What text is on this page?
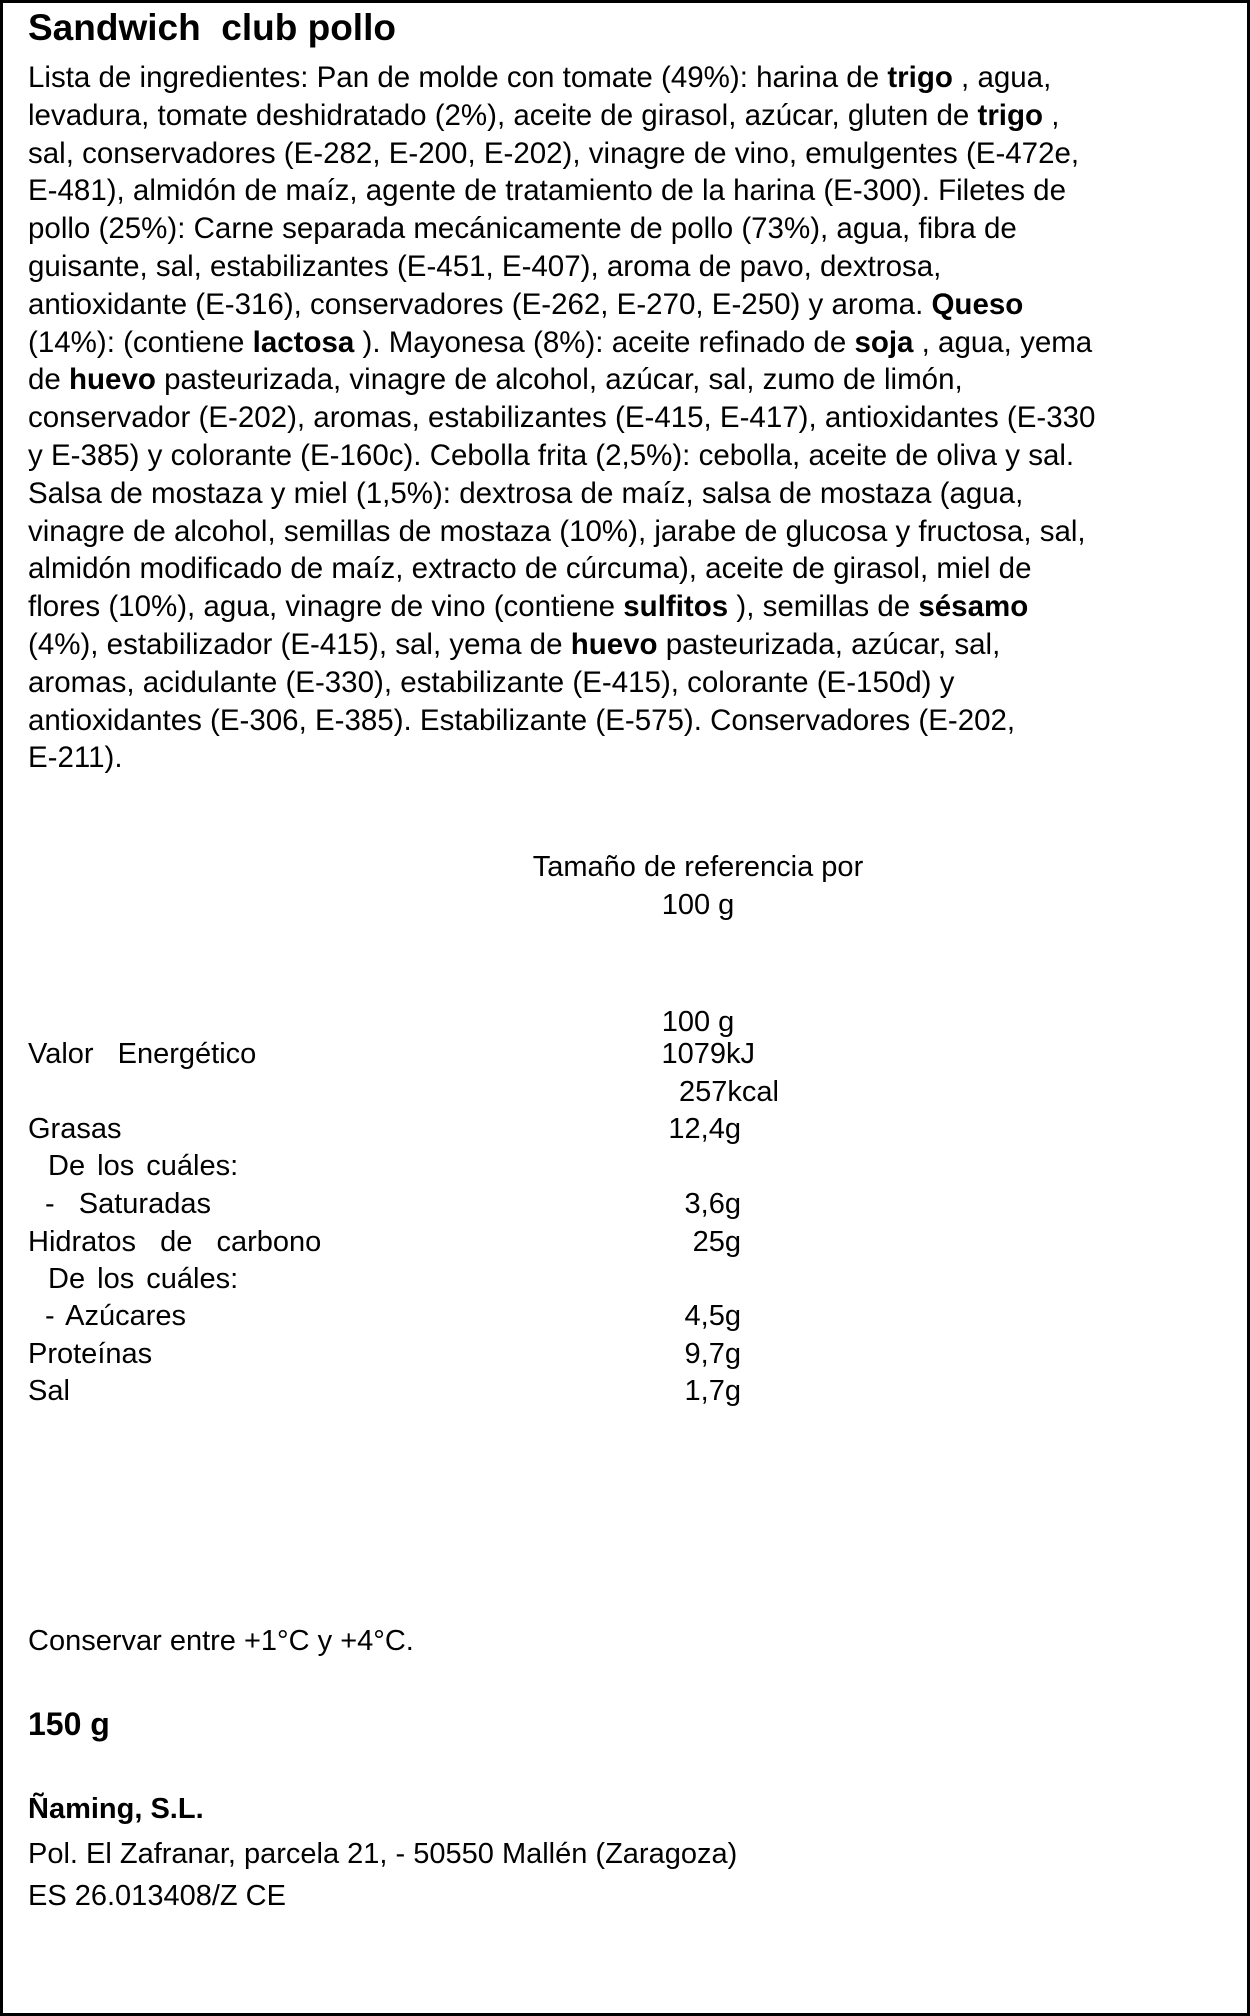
Sandwich  club pollo
Lista de ingredientes: Pan de molde con tomate (49%): harina de trigo , agua,
levadura, tomate deshidratado (2%), aceite de girasol, azúcar, gluten de trigo ,
sal, conservadores (E-282, E-200, E-202), vinagre de vino, emulgentes (E-472e,
E-481), almidón de maíz, agente de tratamiento de la harina (E-300). Filetes de
pollo (25%): Carne separada mecánicamente de pollo (73%), agua, fibra de
guisante, sal, estabilizantes (E-451, E-407), aroma de pavo, dextrosa,
antioxidante (E-316), conservadores (E-262, E-270, E-250) y aroma. Queso
(14%): (contiene lactosa ). Mayonesa (8%): aceite refinado de soja , agua, yema
de huevo pasteurizada, vinagre de alcohol, azúcar, sal, zumo de limón,
conservador (E-202), aromas, estabilizantes (E-415, E-417), antioxidantes (E-330
y E-385) y colorante (E-160c). Cebolla frita (2,5%): cebolla, aceite de oliva y sal.
Salsa de mostaza y miel (1,5%): dextrosa de maíz, salsa de mostaza (agua,
vinagre de alcohol, semillas de mostaza (10%), jarabe de glucosa y fructosa, sal,
almidón modificado de maíz, extracto de cúrcuma), aceite de girasol, miel de
flores (10%), agua, vinagre de vino (contiene sulfitos ), semillas de sésamo
(4%), estabilizador (E-415), sal, yema de huevo pasteurizada, azúcar, sal,
aromas, acidulante (E-330), estabilizante (E-415), colorante (E-150d) y
antioxidantes (E-306, E-385). Estabilizante (E-575). Conservadores (E-202,
E-211).
Tamaño de referencia por
100 g
100 g
Valor  Energético	1079kJ
257kcal
Grasas	12,4g
De los cuáles:
-  Saturadas	3,6g
Hidratos  de  carbono	25g
De los cuáles:
- Azúcares	4,5g
Proteínas	9,7g
Sal	1,7g
Conservar entre +1°C y +4°C.
150 g
Ñaming, S.L.
Pol. El Zafranar, parcela 21, - 50550 Mallén (Zaragoza)
ES 26.013408/Z CE
